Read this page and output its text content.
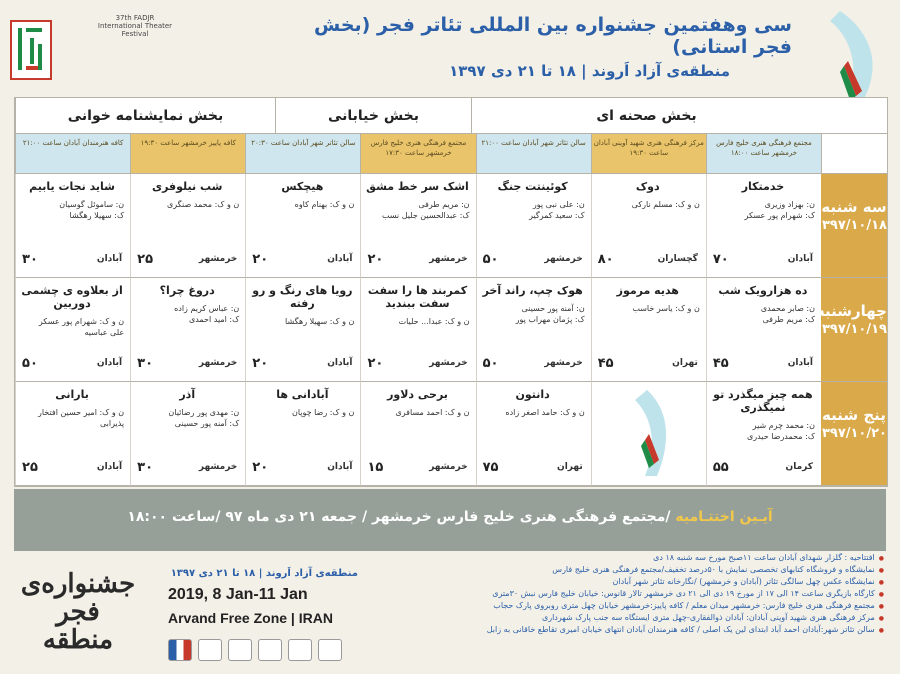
37th FADJR International Theater Festival	سی وهفتمین جشنواره بین المللی تئاتر فجر (بخش فجر استانی)
منطقه‌ی آزاد اَروند | ۱۸ تا ۲۱ دی ۱۳۹۷
بخش صحنه ای
بخش خیابانی
بخش نمایشنامه خوانی
مجتمع فرهنگی هنری خلیج فارس خرمشهر ساعت ۱۸:۰۰
مرکز فرهنگی هنری شهید آوینی آبادان ساعت ۱۹:۳۰
سالن تئاتر شهر آبادان ساعت ۲۱:۰۰
مجتمع فرهنگی هنری خلیج فارس خرمشهر ساعت ۱۷:۳۰
سالن تئاتر شهر آبادان ساعت ۲۰:۳۰
کافه پاییز خرمشهر ساعت ۱۹:۳۰
کافه هنرمندان آبادان ساعت ۲۱:۰۰
سه شنبه
۱۳۹۷/۱۰/۱۸
چهارشنبه
۱۳۹۷/۱۰/۱۹
پنج شنبه
۱۳۹۷/۱۰/۲۰
خدمتکار
ن: بهزاد وزیری
ک: شهرام پور عسکر
آبادان
۷۰
دوک
ن و ک: مسلم نارکی
گچساران
۸۰
کوئینتت جنگ
ن: علی نبی پور
ک: سعید کمرگیر
خرمشهر
۵۰
اشک سر خط مشق
ن: مریم طرفی
ک: عبدالحسین جلیل نسب
خرمشهر
۲۰
هیچکس
ن و ک: بهنام کاوه
آبادان
۲۰
شب نیلوفری
ن و ک: محمد صنگری
خرمشهر
۲۵
شاید نجات یابیم
ن: ساموئل گوسیان
ک: سهیلا رهگشا
آبادان
۳۰
ده هزارویک شب
ن: صابر محمدی
ک: مریم طرفی
آبادان
۴۵
هدیه مرموز
ن و ک: یاسر خاسب
تهران
۴۵
هوک چپ، راند آخر
ن: آمنه پور حسینی
ک: پژمان مهراب پور
خرمشهر
۵۰
کمربند ها را سفت سفت ببندید
ن و ک: عبدا... حلیات
خرمشهر
۲۰
رویا های رنگ و رو رفته
ن و ک: سهیلا رهگشا
آبادان
۲۰
دروغ چرا؟
ن: عباس کریم زاده
ک: امید احمدی
خرمشهر
۳۰
از بعلاوه ی چشمی دوربین
ن و ک: شهرام پور عسکر
علی عباسیه
آبادان
۵۰
همه چیز میگذرد تو نمیگذری
ن: محمد چرم شیر
ک: محمدرضا حیدری
کرمان
۵۵
دانتون
ن و ک: حامد اصغر زاده
تهران
۷۵
برحی دلاور
ن و ک: احمد مسافری
خرمشهر
۱۵
آبادانی ها
ن و ک: رضا چوپان
آبادان
۲۰
آذر
ن: مهدی پور رضائیان
ک: آمنه پور حسینی
خرمشهر
۳۰
بارانی
ن و ک: امیر حسین افتخار پذیرابی
آبادان
۲۵
آیـین اختتـامیه /مجتمع فرهنگی هنری خلیج فارس خرمشهر / جمعه ۲۱ دی ماه ۹۷ /ساعت ۱۸:۰۰
جشنواره‌ی فجر منطقه
منطقه‌ی آزاد اَروند | ۱۸ تا ۲۱ دی ۱۳۹۷
2019, 8 Jan-11 Jan
Arvand Free Zone | IRAN
● افتتاحیه : گلزار شهدای آبادان ساعت ۱۱صبح مورخ سه شنبه ۱۸ دی
● نمایشگاه و فروشگاه کتابهای تخصصی نمایش با ۵۰درصد تخفیف/مجتمع فرهنگی هنری خلیج فارس
● نمایشگاه عکس چهل سالگی تئاتر (آبادان و خرمشهر) /نگارخانه تئاتر شهر آبادان
● کارگاه بازیگری ساعت ۱۴ الی ۱۷ از مورخ ۱۹ دی الی ۲۱ دی خرمشهر تالار قانوس: خیابان خلیج فارس نبش ۳۰متری
● مجتمع فرهنگی هنری خلیج فارس: خرمشهر میدان معلم / کافه پاییز:خرمشهر خیابان چهل متری روبروی پارک حجاب
● مرکز فرهنگی هنری شهید آوینی آبادان: آبادان ذوالفقاری-چهل متری ایستگاه سه جنب پارک شهرداری
● سالن تئاتر شهر:آبادان احمد آباد ابتدای لین یک اصلی / کافه هنرمندان آبادان انتهای خیابان امیری تقاطع خاقانی به زابل
